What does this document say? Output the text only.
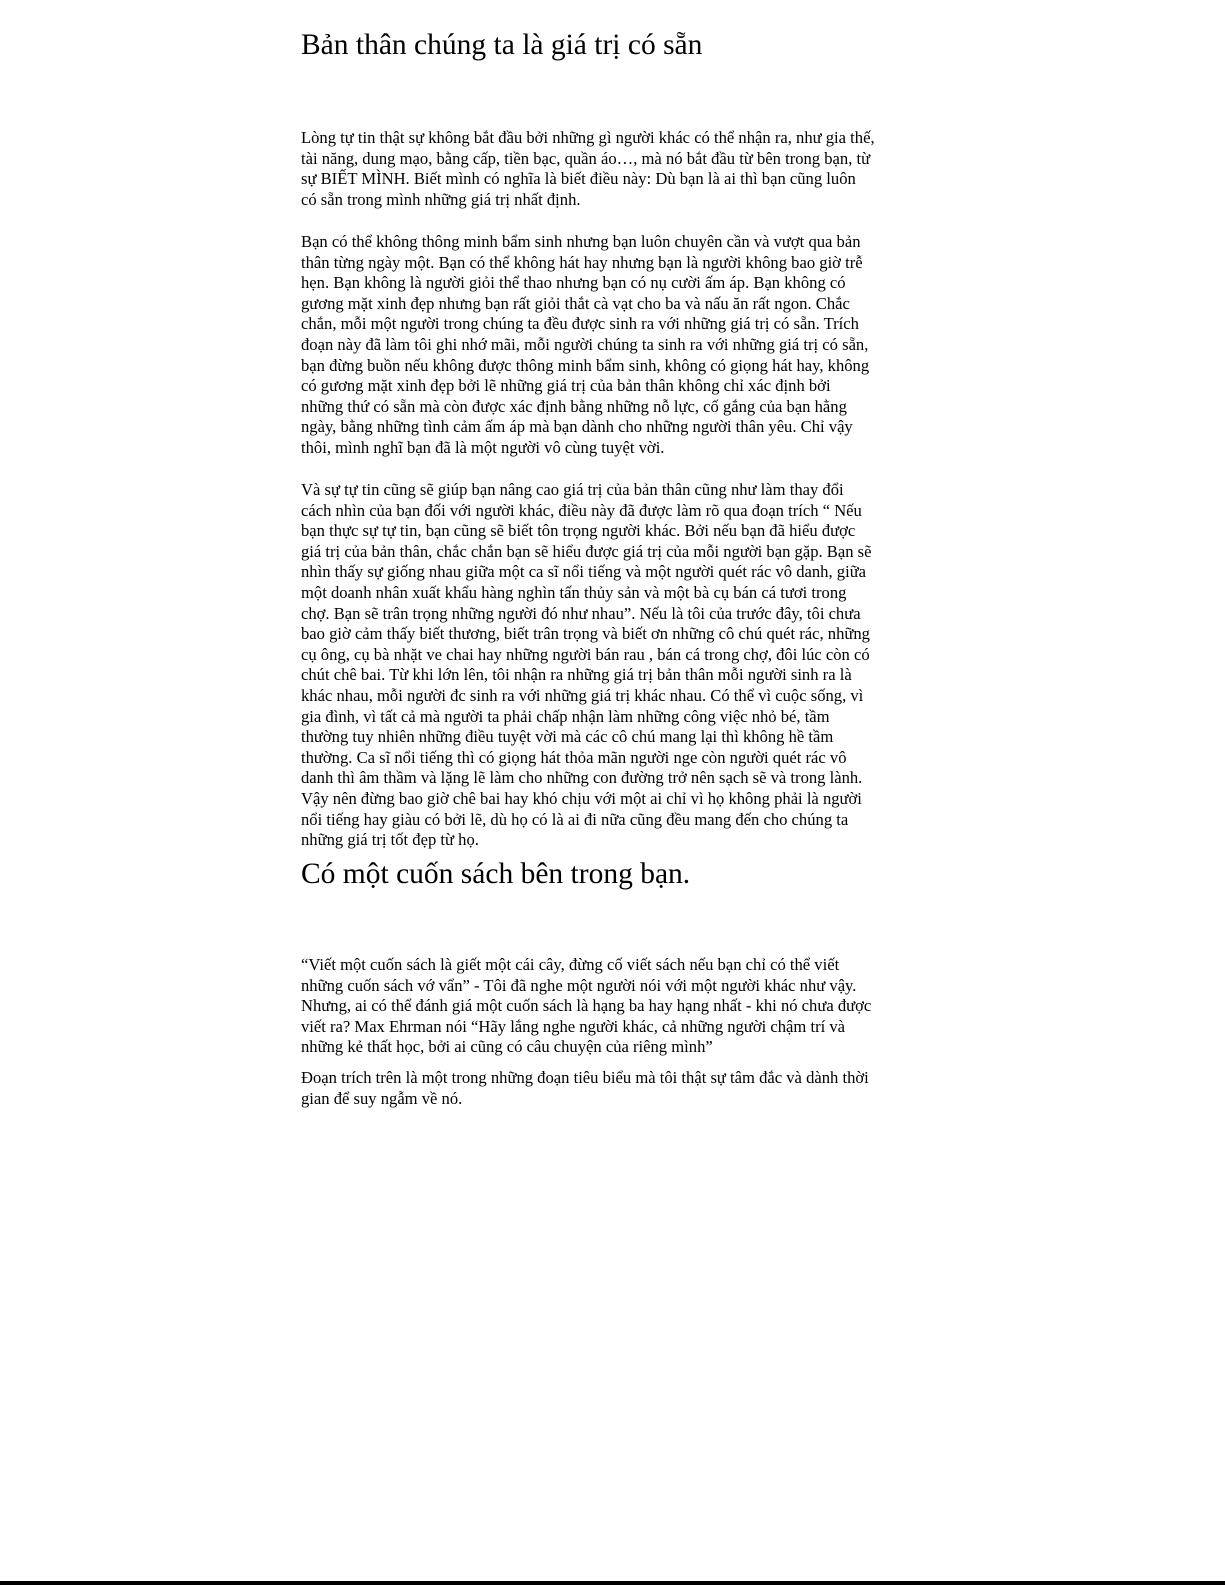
Bản thân chúng ta là giá trị có sẵn

Lòng tự tin thật sự không bắt đầu bởi những gì người khác có thể nhận ra, như gia thế,
tài năng, dung mạo, bằng cấp, tiền bạc, quần áo…, mà nó bắt đầu từ bên trong bạn, từ
sự BIẾT MÌNH. Biết mình có nghĩa là biết điều này: Dù bạn là ai thì bạn cũng luôn
có sẵn trong mình những giá trị nhất định.

Bạn có thể không thông minh bẩm sinh nhưng bạn luôn chuyên cần và vượt qua bản
thân từng ngày một. Bạn có thể không hát hay nhưng bạn là người không bao giờ trễ
hẹn. Bạn không là người giỏi thể thao nhưng bạn có nụ cười ấm áp. Bạn không có
gương mặt xinh đẹp nhưng bạn rất giỏi thắt cà vạt cho ba và nấu ăn rất ngon. Chắc
chắn, mỗi một người trong chúng ta đều được sinh ra với những giá trị có sẵn. Trích
đoạn này đã làm tôi ghi nhớ mãi, mỗi người chúng ta sinh ra với những giá trị có sẵn,
bạn đừng buồn nếu không được thông minh bẩm sinh, không có giọng hát hay, không
có gương mặt xinh đẹp bởi lẽ những giá trị của bản thân không chỉ xác định bởi
những thứ có sẵn mà còn được xác định bằng những nỗ lực, cố gắng của bạn hằng
ngày, bằng những tình cảm ấm áp mà bạn dành cho những người thân yêu. Chỉ vậy
thôi, mình nghĩ bạn đã là một người vô cùng tuyệt vời.

Và sự tự tin cũng sẽ giúp bạn nâng cao giá trị của bản thân cũng như làm thay đổi
cách nhìn của bạn đối với người khác, điều này đã được làm rõ qua đoạn trích “ Nếu
bạn thực sự tự tin, bạn cũng sẽ biết tôn trọng người khác. Bởi nếu bạn đã hiểu được
giá trị của bản thân, chắc chắn bạn sẽ hiểu được giá trị của mỗi người bạn gặp. Bạn sẽ
nhìn thấy sự giống nhau giữa một ca sĩ nổi tiếng và một người quét rác vô danh, giữa
một doanh nhân xuất khẩu hàng nghìn tấn thủy sản và một bà cụ bán cá tươi trong
chợ. Bạn sẽ trân trọng những người đó như nhau”. Nếu là tôi của trước đây, tôi chưa
bao giờ cảm thấy biết thương, biết trân trọng và biết ơn những cô chú quét rác, những
cụ ông, cụ bà nhặt ve chai hay những người bán rau , bán cá trong chợ, đôi lúc còn có
chút chê bai. Từ khi lớn lên, tôi nhận ra những giá trị bản thân mỗi người sinh ra là
khác nhau, mỗi người đc sinh ra với những giá trị khác nhau. Có thể vì cuộc sống, vì
gia đình, vì tất cả mà người ta phải chấp nhận làm những công việc nhỏ bé, tầm
thường tuy nhiên những điều tuyệt vời mà các cô chú mang lại thì không hề tầm
thường. Ca sĩ nổi tiếng thì có giọng hát thỏa mãn người nge còn người quét rác vô
danh thì âm thầm và lặng lẽ làm cho những con đường trở nên sạch sẽ và trong lành.
Vậy nên đừng bao giờ chê bai hay khó chịu với một ai chỉ vì họ không phải là người
nổi tiếng hay giàu có bởi lẽ, dù họ có là ai đi nữa cũng đều mang đến cho chúng ta
những giá trị tốt đẹp từ họ.

Có một cuốn sách bên trong bạn.

“Viết một cuốn sách là giết một cái cây, đừng cố viết sách nếu bạn chỉ có thể viết
những cuốn sách vớ vẩn” - Tôi đã nghe một người nói với một người khác như vậy.
Nhưng, ai có thể đánh giá một cuốn sách là hạng ba hay hạng nhất - khi nó chưa được
viết ra? Max Ehrman nói “Hãy lắng nghe người khác, cả những người chậm trí và
những kẻ thất học, bởi ai cũng có câu chuyện của riêng mình”

Đoạn trích trên là một trong những đoạn tiêu biểu mà tôi thật sự tâm đắc và dành thời
gian để suy ngẫm về nó.
